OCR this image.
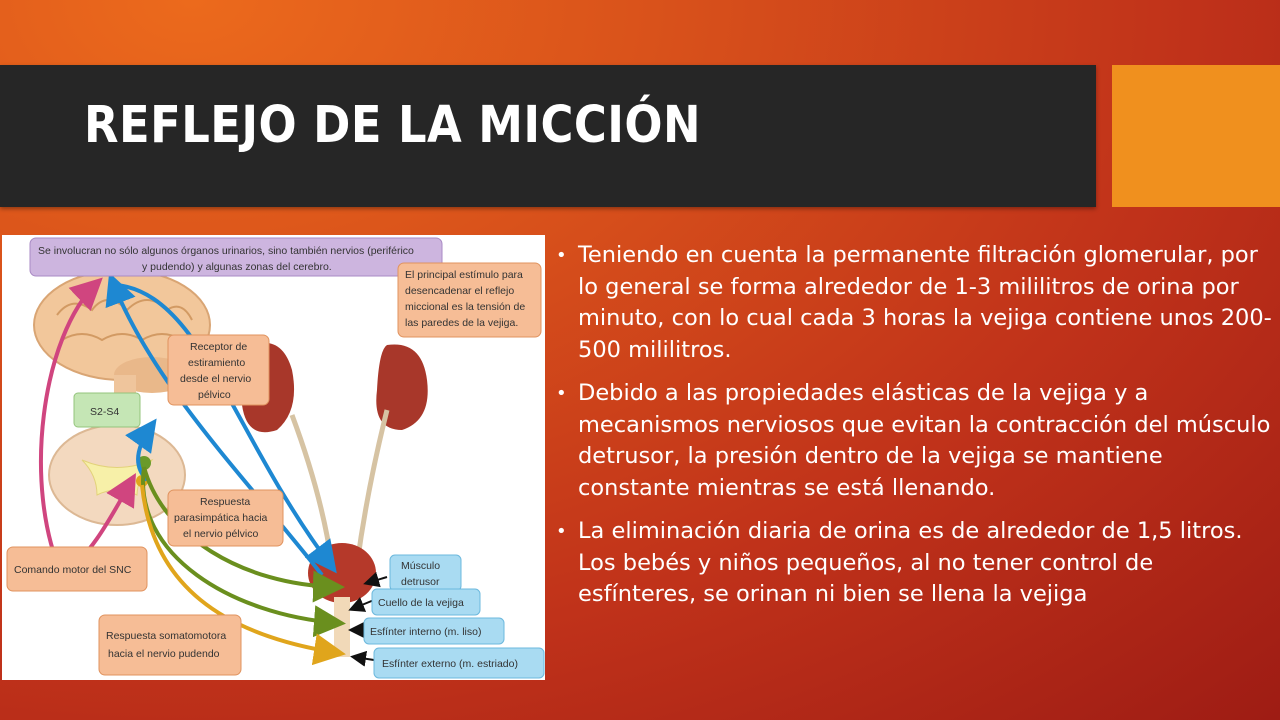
REFLEJO DE LA MICCIÓN
Se involucran no sólo algunos órganos urinarios, sino también nervios (periférico
y pudendo) y algunas zonas del cerebro.
El principal estímulo para
desencadenar el reflejo
miccional es la tensión de
las paredes de la vejiga.
Receptor de
estiramiento
desde el nervio
pélvico
S2-S4
Respuesta
parasimpática hacia
el nervio pélvico
Comando motor del SNC
Respuesta somatomotora
hacia el nervio pudendo
Músculo
detrusor
Cuello de la vejiga
Esfínter interno (m. liso)
Esfínter externo (m. estriado)
• Teniendo en cuenta la permanente filtración glomerular, por lo general se forma alrededor de 1-3 mililitros de orina por minuto, con lo cual cada 3 horas la vejiga contiene unos 200-500 mililitros.
• Debido a las propiedades elásticas de la vejiga y a mecanismos nerviosos que evitan la contracción del músculo detrusor, la presión dentro de la vejiga se mantiene constante mientras se está llenando.
• La eliminación diaria de orina es de alrededor de 1,5 litros. Los bebés y niños pequeños, al no tener control de esfínteres, se orinan ni bien se llena la vejiga
